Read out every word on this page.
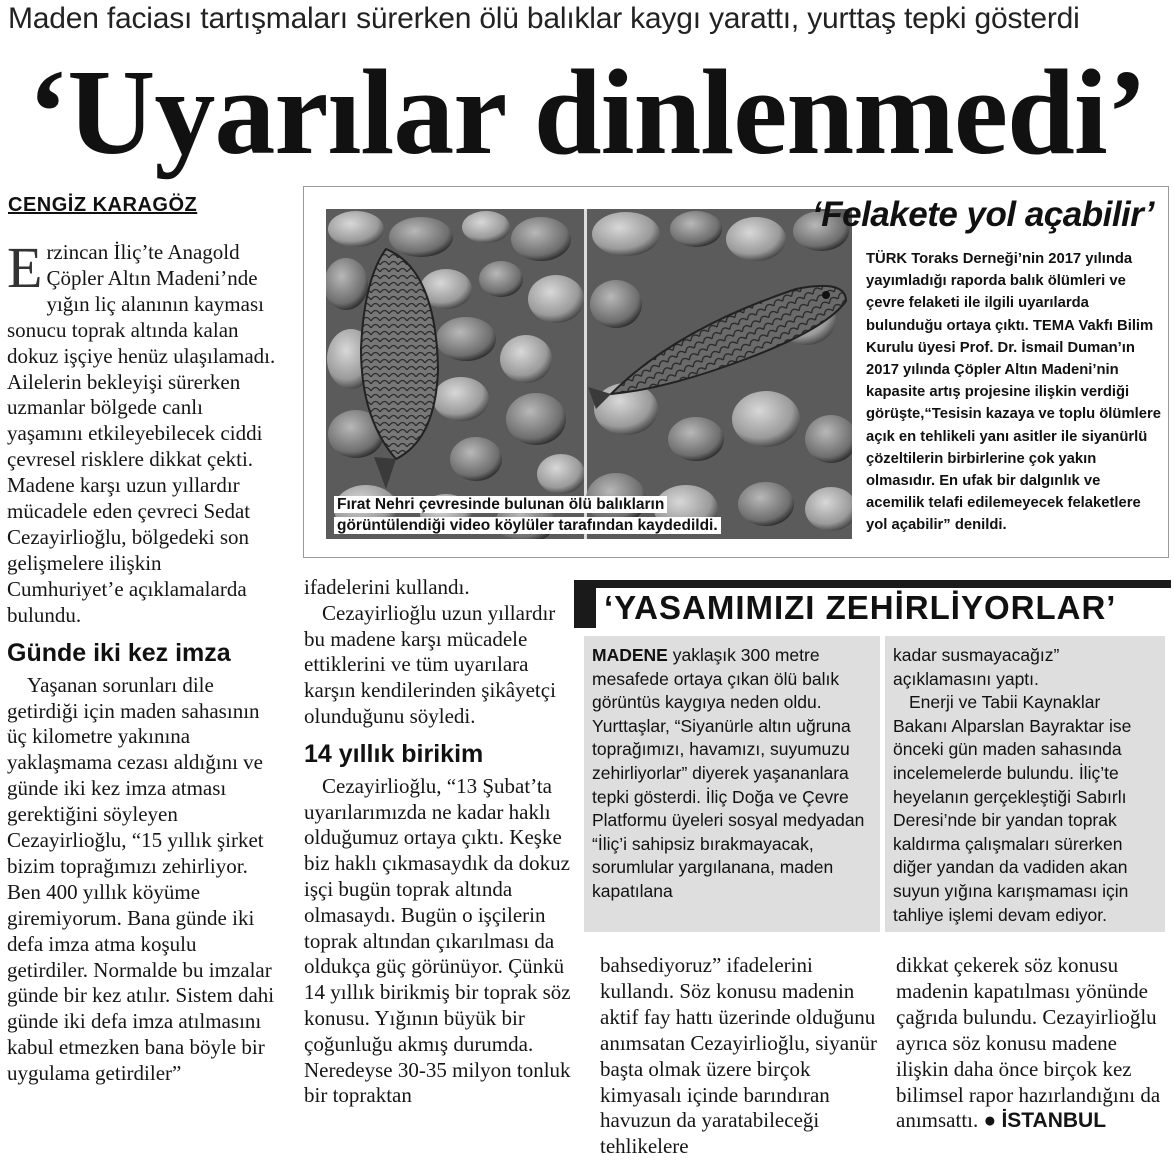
Maden faciası tartışmaları sürerken ölü balıklar kaygı yarattı, yurttaş tepki gösterdi
‘Uyarılar dinlenmedi’
CENGİZ KARAGÖZ

Erzincan İliç’te Anagold Çöpler Altın Madeni’nde yığın liç alanının kayması sonucu toprak altında kalan dokuz işçiye henüz ulaşılamadı. Ailelerin bekleyişi sürerken uzmanlar bölgede canlı yaşamını etkileyebilecek ciddi çevresel risklere dikkat çekti. Madene karşı uzun yıllardır mücadele eden çevreci Sedat Cezayirlioğlu, bölgedeki son gelişmelere ilişkin Cumhuriyet’e açıklamalarda bulundu.

Günde iki kez imza

Yaşanan sorunları dile getirdiği için maden sahasının üç kilometre yakınına yaklaşmama cezası aldığını ve günde iki kez imza atması gerektiğini söyleyen Cezayirlioğlu, “15 yıllık şirket bizim toprağımızı zehirliyor. Ben 400 yıllık köyüme giremiyorum. Bana günde iki defa imza atma koşulu getirdiler. Normalde bu imzalar günde bir kez atılır. Sistem dahi günde iki defa imza atılmasını kabul etmezken bana böyle bir uygulama getirdiler”

Fırat Nehri çevresinde bulunan ölü balıkların görüntülendiği video köylüler tarafından kaydedildi.
‘Felakete yol açabilir’
TÜRK Toraks Derneği’nin 2017 yılında yayımladığı raporda balık ölümleri ve çevre felaketi ile ilgili uyarılarda bulunduğu ortaya çıktı. TEMA Vakfı Bilim Kurulu üyesi Prof. Dr. İsmail Duman’ın 2017 yılında Çöpler Altın Madeni’nin kapasite artış projesine ilişkin verdiği görüşte,“Tesisin kazaya ve toplu ölümlere açık en tehlikeli yanı asitler ile siyanürlü çözeltilerin birbirlerine çok yakın olmasıdır. En ufak bir dalgınlık ve acemilik telafi edilemeyecek felaketlere yol açabilir” denildi.

ifadelerini kullandı.

Cezayirlioğlu uzun yıllardır bu madene karşı mücadele ettiklerini ve tüm uyarılara karşın kendilerinden şikâyetçi olunduğunu söyledi.

14 yıllık birikim

Cezayirlioğlu, “13 Şubat’ta uyarılarımızda ne kadar haklı olduğumuz ortaya çıktı. Keşke biz haklı çıkmasaydık da dokuz işçi bugün toprak altında olmasaydı. Bugün o işçilerin toprak altından çıkarılması da oldukça güç görünüyor. Çünkü 14 yıllık birikmiş bir toprak söz konusu. Yığının büyük bir çoğunluğu akmış durumda. Neredeyse 30-35 milyon tonluk bir topraktan

‘YASAMIMIZI ZEHİRLİYORLAR’
MADENE yaklaşık 300 metre mesafede ortaya çıkan ölü balık görüntüs kaygıya neden oldu. Yurttaşlar, “Siyanürle altın uğruna toprağımızı, havamızı, suyumuzu zehirliyorlar” diyerek yaşananlara tepki gösterdi. İliç Doğa ve Çevre Platformu üyeleri sosyal medyadan “İliç’i sahipsiz bırakmayacak, sorumlular yargılanana, maden kapatılana
kadar susmayacağız” açıklamasını yaptı.
Enerji ve Tabii Kaynaklar Bakanı Alparslan Bayraktar ise önceki gün maden sahasında incelemelerde bulundu. İliç’te heyelanın gerçekleştiği Sabırlı Deresi’nde bir yandan toprak kaldırma çalışmaları sürerken diğer yandan da vadiden akan suyun yığına karışmaması için tahliye işlemi devam ediyor.

bahsediyoruz” ifadelerini kullandı. Söz konusu madenin aktif fay hattı üzerinde olduğunu anımsatan Cezayirlioğlu, siyanür başta olmak üzere birçok kimyasalı içinde barındıran havuzun da yaratabileceği tehlikelere

dikkat çekerek söz konusu madenin kapatılması yönünde çağrıda bulundu. Cezayirlioğlu ayrıca söz konusu madene ilişkin daha önce birçok kez bilimsel rapor hazırlandığını da anımsattı. ● İSTANBUL
